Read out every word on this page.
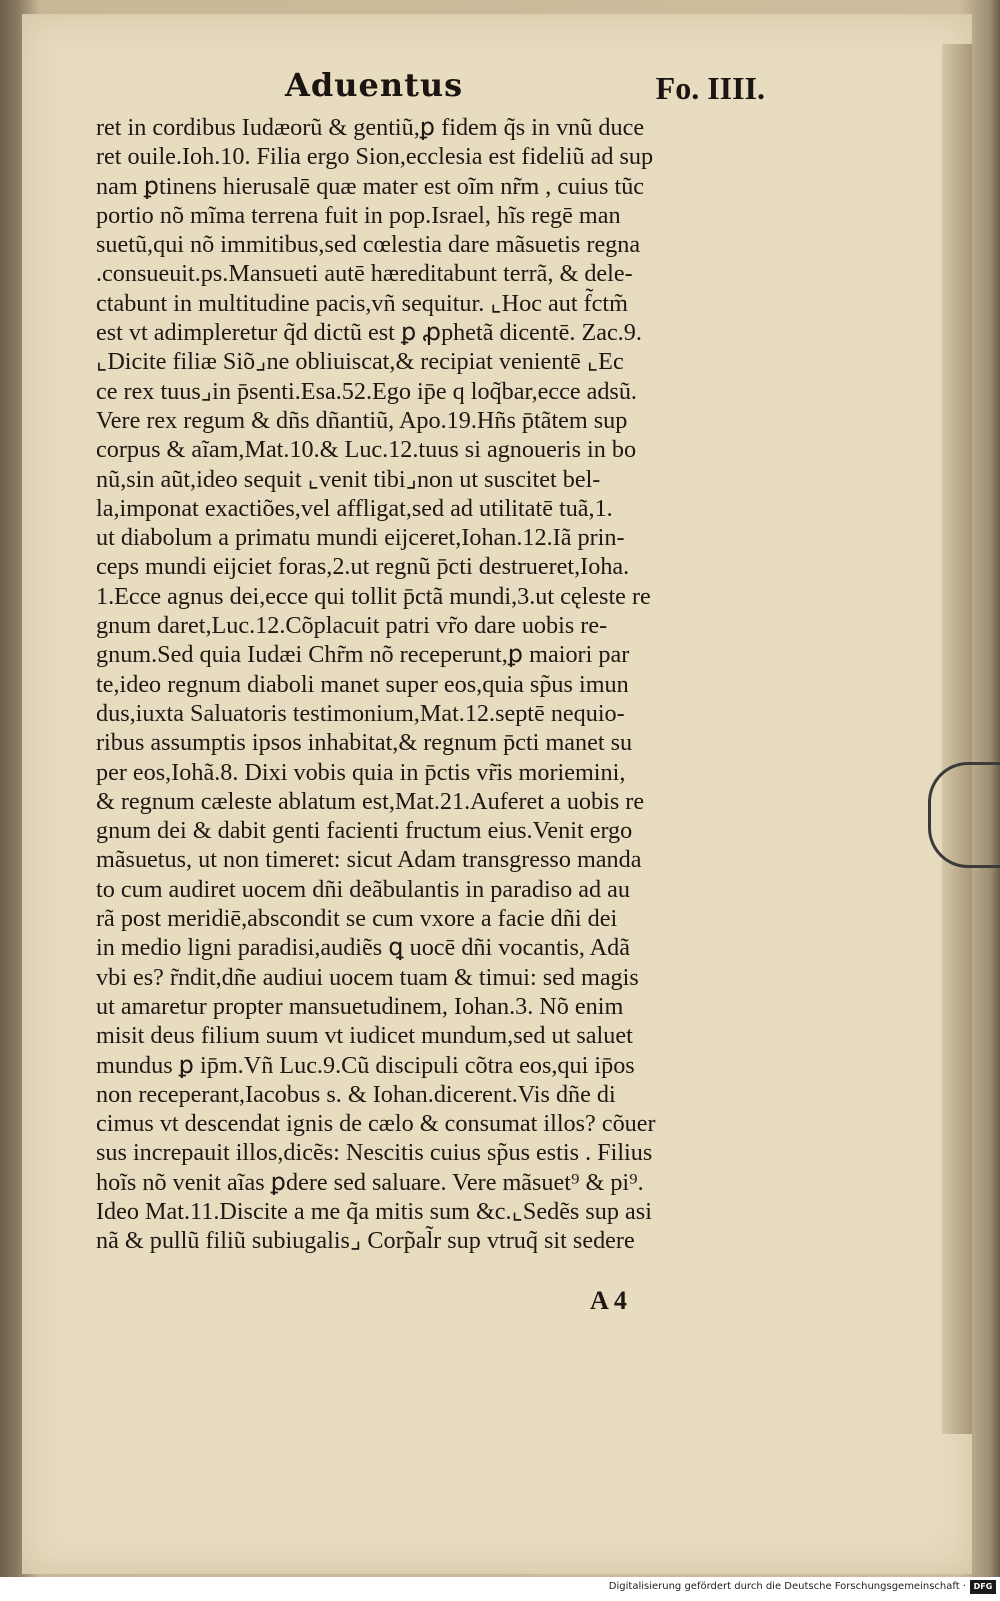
Aduentus	Fo. IIII.
ret in cordibus Iudæorũ & gentiũ,ꝑ fidem q̃s in vnũ duce
ret ouile.Ioh.10. Filia ergo Sion,ecclesia est fideliũ ad sup
nam ꝑtinens hierusalē quæ mater est oĩm nr̃m , cuius tũc
portio nõ mĩma terrena fuit in pop.Israel, hĩs regē man
suetũ,qui nõ immitibus,sed cœlestia dare mãsuetis regna
.consueuit.ps.Mansueti autē hæreditabunt terrã, & dele-
ctabunt in multitudine pacis,vñ sequitur. ⌞Hoc aut f̃ctm̃
est vt adimpleretur q̃d dictũ est ꝑ ꝓphetã dicentē. Zac.9.
⌞Dicite filiæ Siõ⌟ne obliuiscat,& recipiat venientē ⌞Ec
ce rex tuus⌟in p̄senti.Esa.52.Ego ip̄e q loq̃bar,ecce adsũ.
Vere rex regum & dñs dñantiũ, Apo.19.Hñs p̄tãtem sup
corpus & aĩam,Mat.10.& Luc.12.tuus si agnoueris in bo
nũ,sin aũt,ideo sequit ⌞venit tibi⌟non ut suscitet bel-
la,imponat exactiões,vel affligat,sed ad utilitatē tuã,1.
ut diabolum a primatu mundi eĳceret,Iohan.12.Iã prin-
ceps mundi eĳciet foras,2.ut regnũ p̄cti destrueret,Ioha.
1.Ecce agnus dei,ecce qui tollit p̄ctã mundi,3.ut cęleste re
gnum daret,Luc.12.Cõplacuit patri vr̃o dare uobis re-
gnum.Sed quia Iudæi Chr̃m nõ receperunt,ꝑ maiori par
te,ideo regnum diaboli manet super eos,quia sp̃us imun
dus,iuxta Saluatoris testimonium,Mat.12.septē nequio-
ribus assumptis ipsos inhabitat,& regnum p̄cti manet su
per eos,Iohã.8. Dixi vobis quia in p̄ctis vr̃is moriemini,
& regnum cæleste ablatum est,Mat.21.Auferet a uobis re
gnum dei & dabit genti facienti fructum eius.Venit ergo
mãsuetus, ut non timeret: sicut Adam transgresso manda
to cum audiret uocem dñi deãbulantis in paradiso ad au
rã post meridiē,abscondit se cum vxore a facie dñi dei
in medio ligni paradisi,audiẽs ꝗ uocē dñi vocantis, Adã
vbi es? r̃ndit,dñe audiui uocem tuam & timui: sed magis
ut amaretur propter mansuetudinem, Iohan.3. Nõ enim
misit deus filium suum vt iudicet mundum,sed ut saluet
mundus ꝑ ip̄m.Vñ Luc.9.Cũ discipuli cõtra eos,qui ip̄os
non receperant,Iacobus s. & Iohan.dicerent.Vis dñe di
cimus vt descendat ignis de cælo & consumat illos? cõuer
sus increpauit illos,dicẽs: Nescitis cuius sp̃us estis . Filius
hoĩs nõ venit aĩas ꝑdere sed saluare. Vere mãsuet⁹ & pi⁹.
Ideo Mat.11.Discite a me q̃a mitis sum &c.⌞Sedẽs sup asi
nã & pullũ filiũ subiugalis⌟ Corp̃al̃r sup vtruq̃ sit sedere
A 4
Digitalisierung gefördert durch die Deutsche Forschungsgemeinschaft · DFG
